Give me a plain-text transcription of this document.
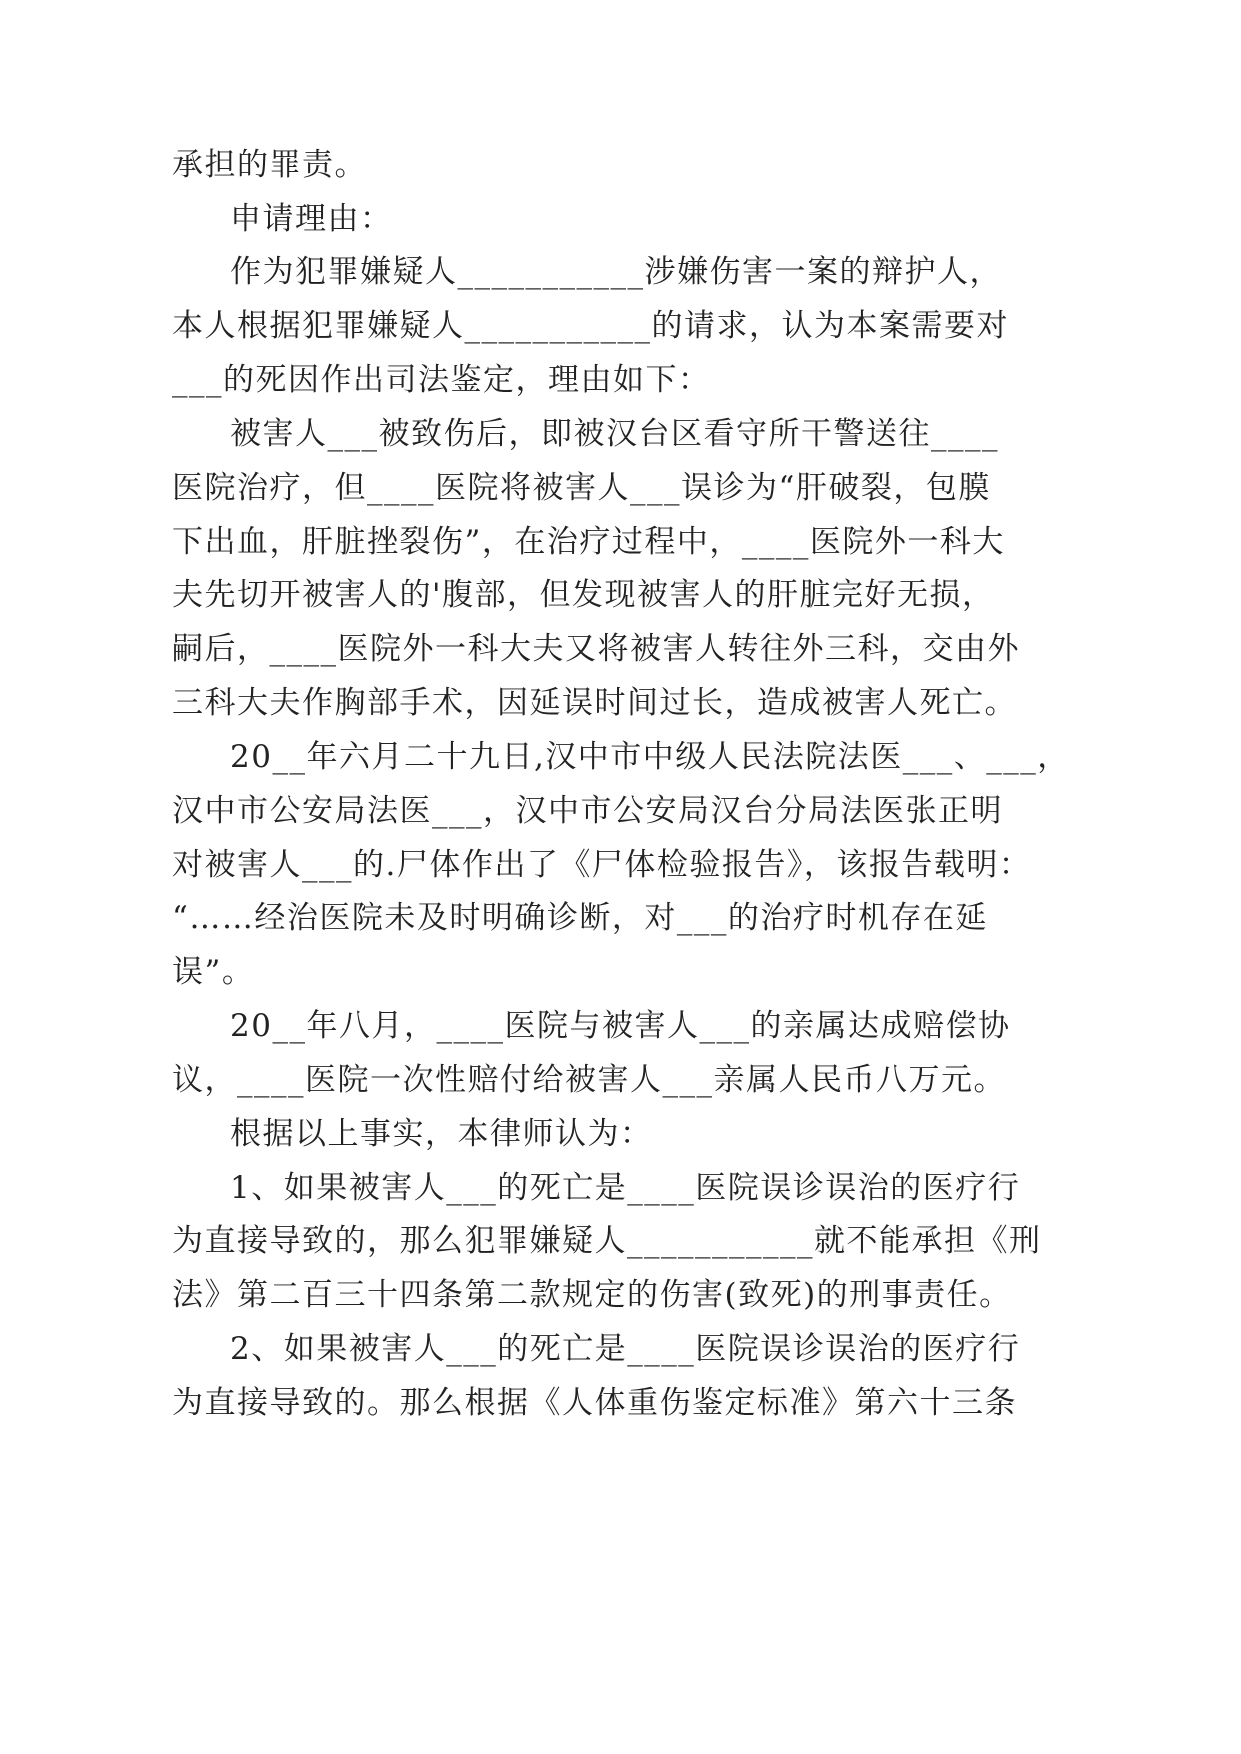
承担的罪责。
申请理由：
作为犯罪嫌疑人___________涉嫌伤害一案的辩护人，
本人根据犯罪嫌疑人___________的请求，认为本案需要对
___的死因作出司法鉴定，理由如下：
被害人___被致伤后，即被汉台区看守所干警送往____
医院治疗，但____医院将被害人___误诊为“肝破裂，包膜
下出血，肝脏挫裂伤”，在治疗过程中，____医院外一科大
夫先切开被害人的'腹部，但发现被害人的肝脏完好无损，
嗣后，____医院外一科大夫又将被害人转往外三科，交由外
三科大夫作胸部手术，因延误时间过长，造成被害人死亡。
20__年六月二十九日,汉中市中级人民法院法医___、___，
汉中市公安局法医___，汉中市公安局汉台分局法医张正明
对被害人___的.尸体作出了《尸体检验报告》，该报告载明：
“……经治医院未及时明确诊断，对___的治疗时机存在延
误”。
20__年八月，____医院与被害人___的亲属达成赔偿协
议，____医院一次性赔付给被害人___亲属人民币八万元。
根据以上事实，本律师认为：
1、如果被害人___的死亡是____医院误诊误治的医疗行
为直接导致的，那么犯罪嫌疑人___________就不能承担《刑
法》第二百三十四条第二款规定的伤害(致死)的刑事责任。
2、如果被害人___的死亡是____医院误诊误治的医疗行
为直接导致的。那么根据《人体重伤鉴定标准》第六十三条
